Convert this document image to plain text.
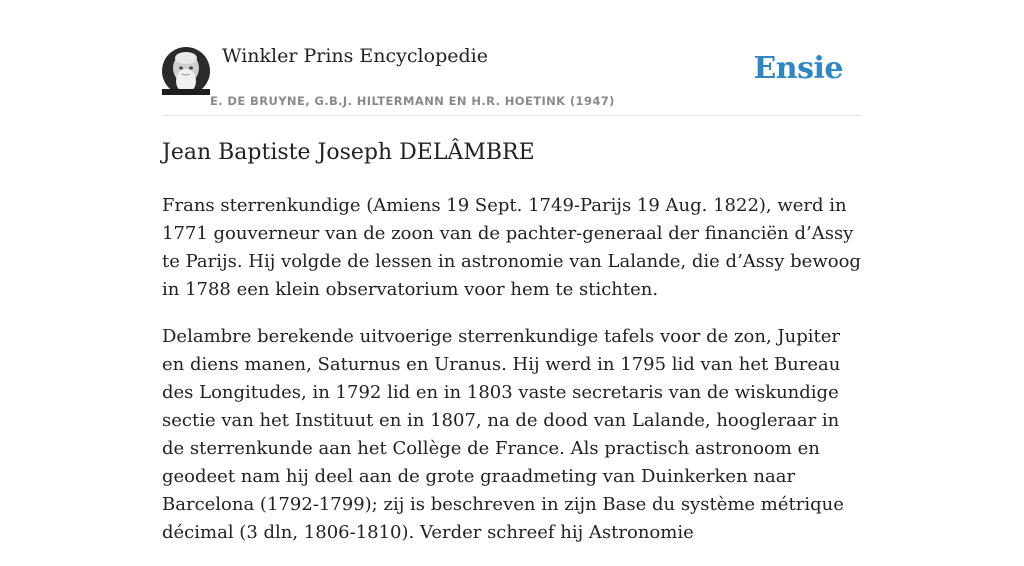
Winkler Prins Encyclopedie
E. DE BRUYNE, G.B.J. HILTERMANN EN H.R. HOETINK (1947)
Ensie
Jean Baptiste Joseph DELÂMBRE

Frans sterrenkundige (Amiens 19 Sept. 1749-Parijs 19 Aug. 1822), werd in 1771 gouverneur van de zoon van de pachter-generaal der financiën d’Assy te Parijs. Hij volgde de lessen in astronomie van Lalande, die d’Assy bewoog in 1788 een klein observatorium voor hem te stichten.

Delambre berekende uitvoerige sterrenkundige tafels voor de zon, Jupiter en diens manen, Saturnus en Uranus. Hij werd in 1795 lid van het Bureau des Longitudes, in 1792 lid en in 1803 vaste secretaris van de wiskundige sectie van het Instituut en in 1807, na de dood van Lalande, hoogleraar in de sterrenkunde aan het Collège de France. Als practisch astronoom en geodeet nam hij deel aan de grote graadmeting van Duinkerken naar Barcelona (1792-1799); zij is beschreven in zijn Base du système métrique décimal (3 dln, 1806-1810). Verder schreef hij Astronomie
